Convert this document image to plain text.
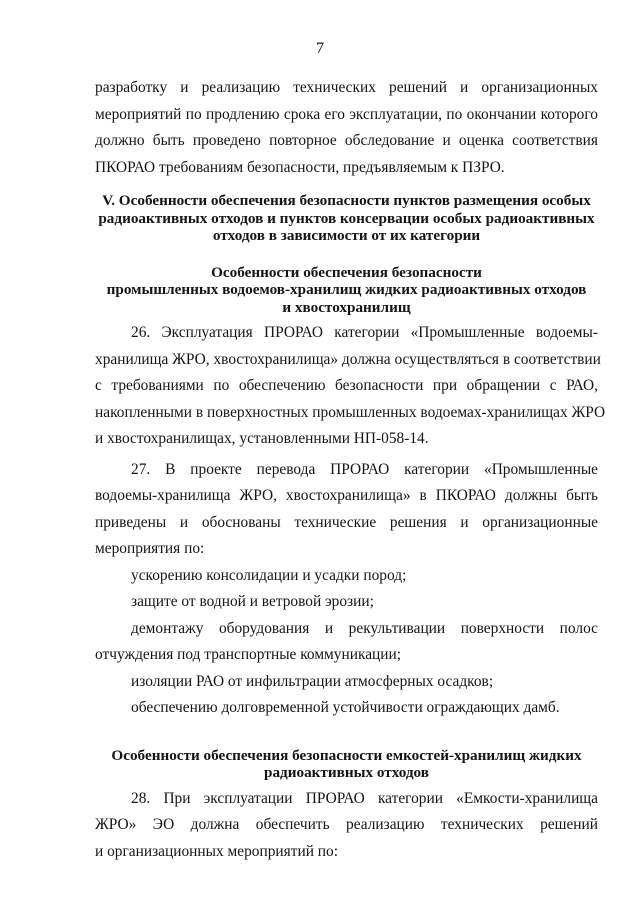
7
разработку и реализацию технических решений и организационных
мероприятий по продлению срока его эксплуатации, по окончании которого
должно быть проведено повторное обследование и оценка соответствия
ПКОРАО требованиям безопасности, предъявляемым к ПЗРО.
V. Особенности обеспечения безопасности пунктов размещения особых
радиоактивных отходов и пунктов консервации особых радиоактивных
отходов в зависимости от их категории
Особенности обеспечения безопасности
промышленных водоемов-хранилищ жидких радиоактивных отходов
и хвостохранилищ
26. Эксплуатация ПРОРАО категории «Промышленные водоемы-
хранилища ЖРО, хвостохранилища» должна осуществляться в соответствии
с требованиями по обеспечению безопасности при обращении с РАО,
накопленными в поверхностных промышленных водоемах-хранилищах ЖРО
и хвостохранилищах, установленными НП-058-14.
27. В проекте перевода ПРОРАО категории «Промышленные
водоемы-хранилища ЖРО, хвостохранилища» в ПКОРАО должны быть
приведены и обоснованы технические решения и организационные
мероприятия по:
ускорению консолидации и усадки пород;
защите от водной и ветровой эрозии;
демонтажу оборудования и рекультивации поверхности полос
отчуждения под транспортные коммуникации;
изоляции РАО от инфильтрации атмосферных осадков;
обеспечению долговременной устойчивости ограждающих дамб.
Особенности обеспечения безопасности емкостей-хранилищ жидких
радиоактивных отходов
28. При эксплуатации ПРОРАО категории «Емкости-хранилища
ЖРО» ЭО должна обеспечить реализацию технических решений
и организационных мероприятий по:
